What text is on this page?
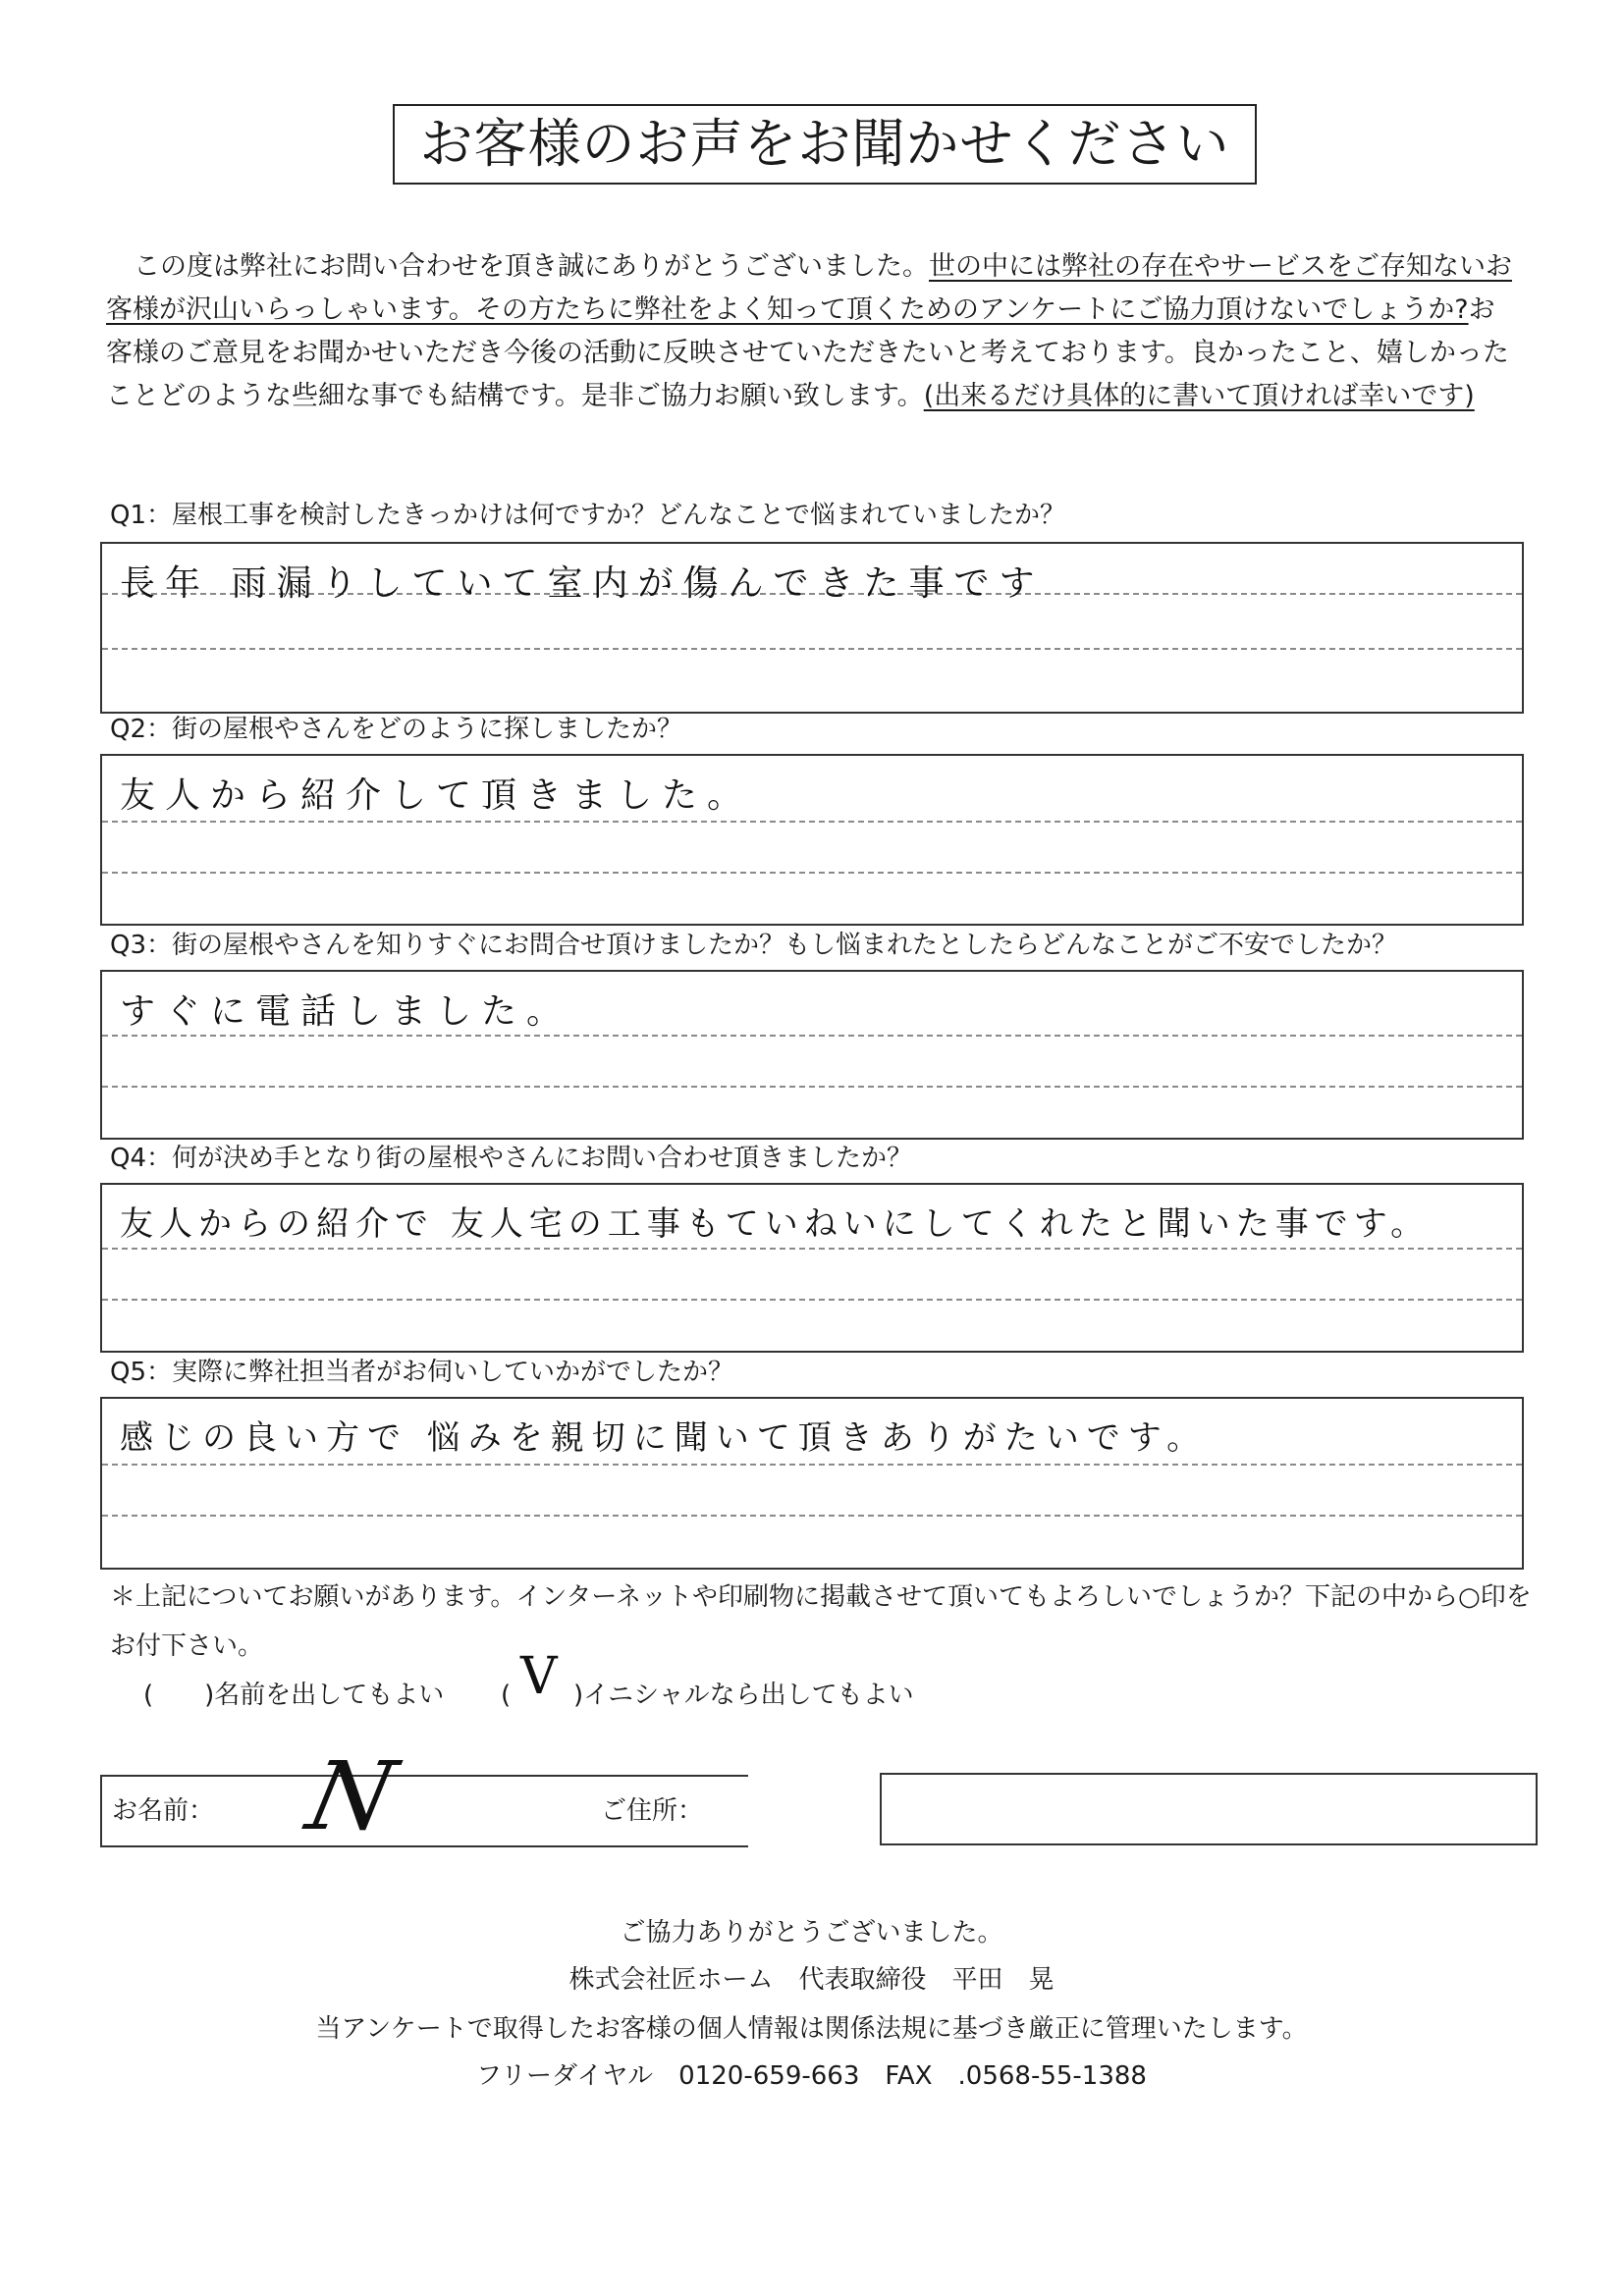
お客様のお声をお聞かせください
この度は弊社にお問い合わせを頂き誠にありがとうございました。世の中には弊社の存在やサービスをご存知ないお客様が沢山いらっしゃいます。その方たちに弊社をよく知って頂くためのアンケートにご協力頂けないでしょうか?お客様のご意見をお聞かせいただき今後の活動に反映させていただきたいと考えております。良かったこと、嬉しかったことどのような些細な事でも結構です。是非ご協力お願い致します。(出来るだけ具体的に書いて頂ければ幸いです)
Q1：屋根工事を検討したきっかけは何ですか？どんなことで悩まれていましたか？
長年 雨漏りしていて室内が傷んできた事です
Q2：街の屋根やさんをどのように探しましたか？
友人から紹介して頂きました。
Q3：街の屋根やさんを知りすぐにお問合せ頂けましたか？もし悩まれたとしたらどんなことがご不安でしたか？
すぐに電話しました。
Q4：何が決め手となり街の屋根やさんにお問い合わせ頂きましたか？
友人からの紹介で 友人宅の工事もていねいにしてくれたと聞いた事です。
Q5：実際に弊社担当者がお伺いしていかがでしたか？
感じの良い方で 悩みを親切に聞いて頂きありがたいです。
＊上記についてお願いがあります。インターネットや印刷物に掲載させて頂いてもよろしいでしょうか？下記の中から○印を
お付下さい。
(　　)名前を出してもよい ( V )イニシャルなら出してもよい
お名前： N	ご住所：
ご協力ありがとうございました。
株式会社匠ホーム　代表取締役　平田　晃
当アンケートで取得したお客様の個人情報は関係法規に基づき厳正に管理いたします。
フリーダイヤル　0120-659-663　FAX　.0568-55-1388
